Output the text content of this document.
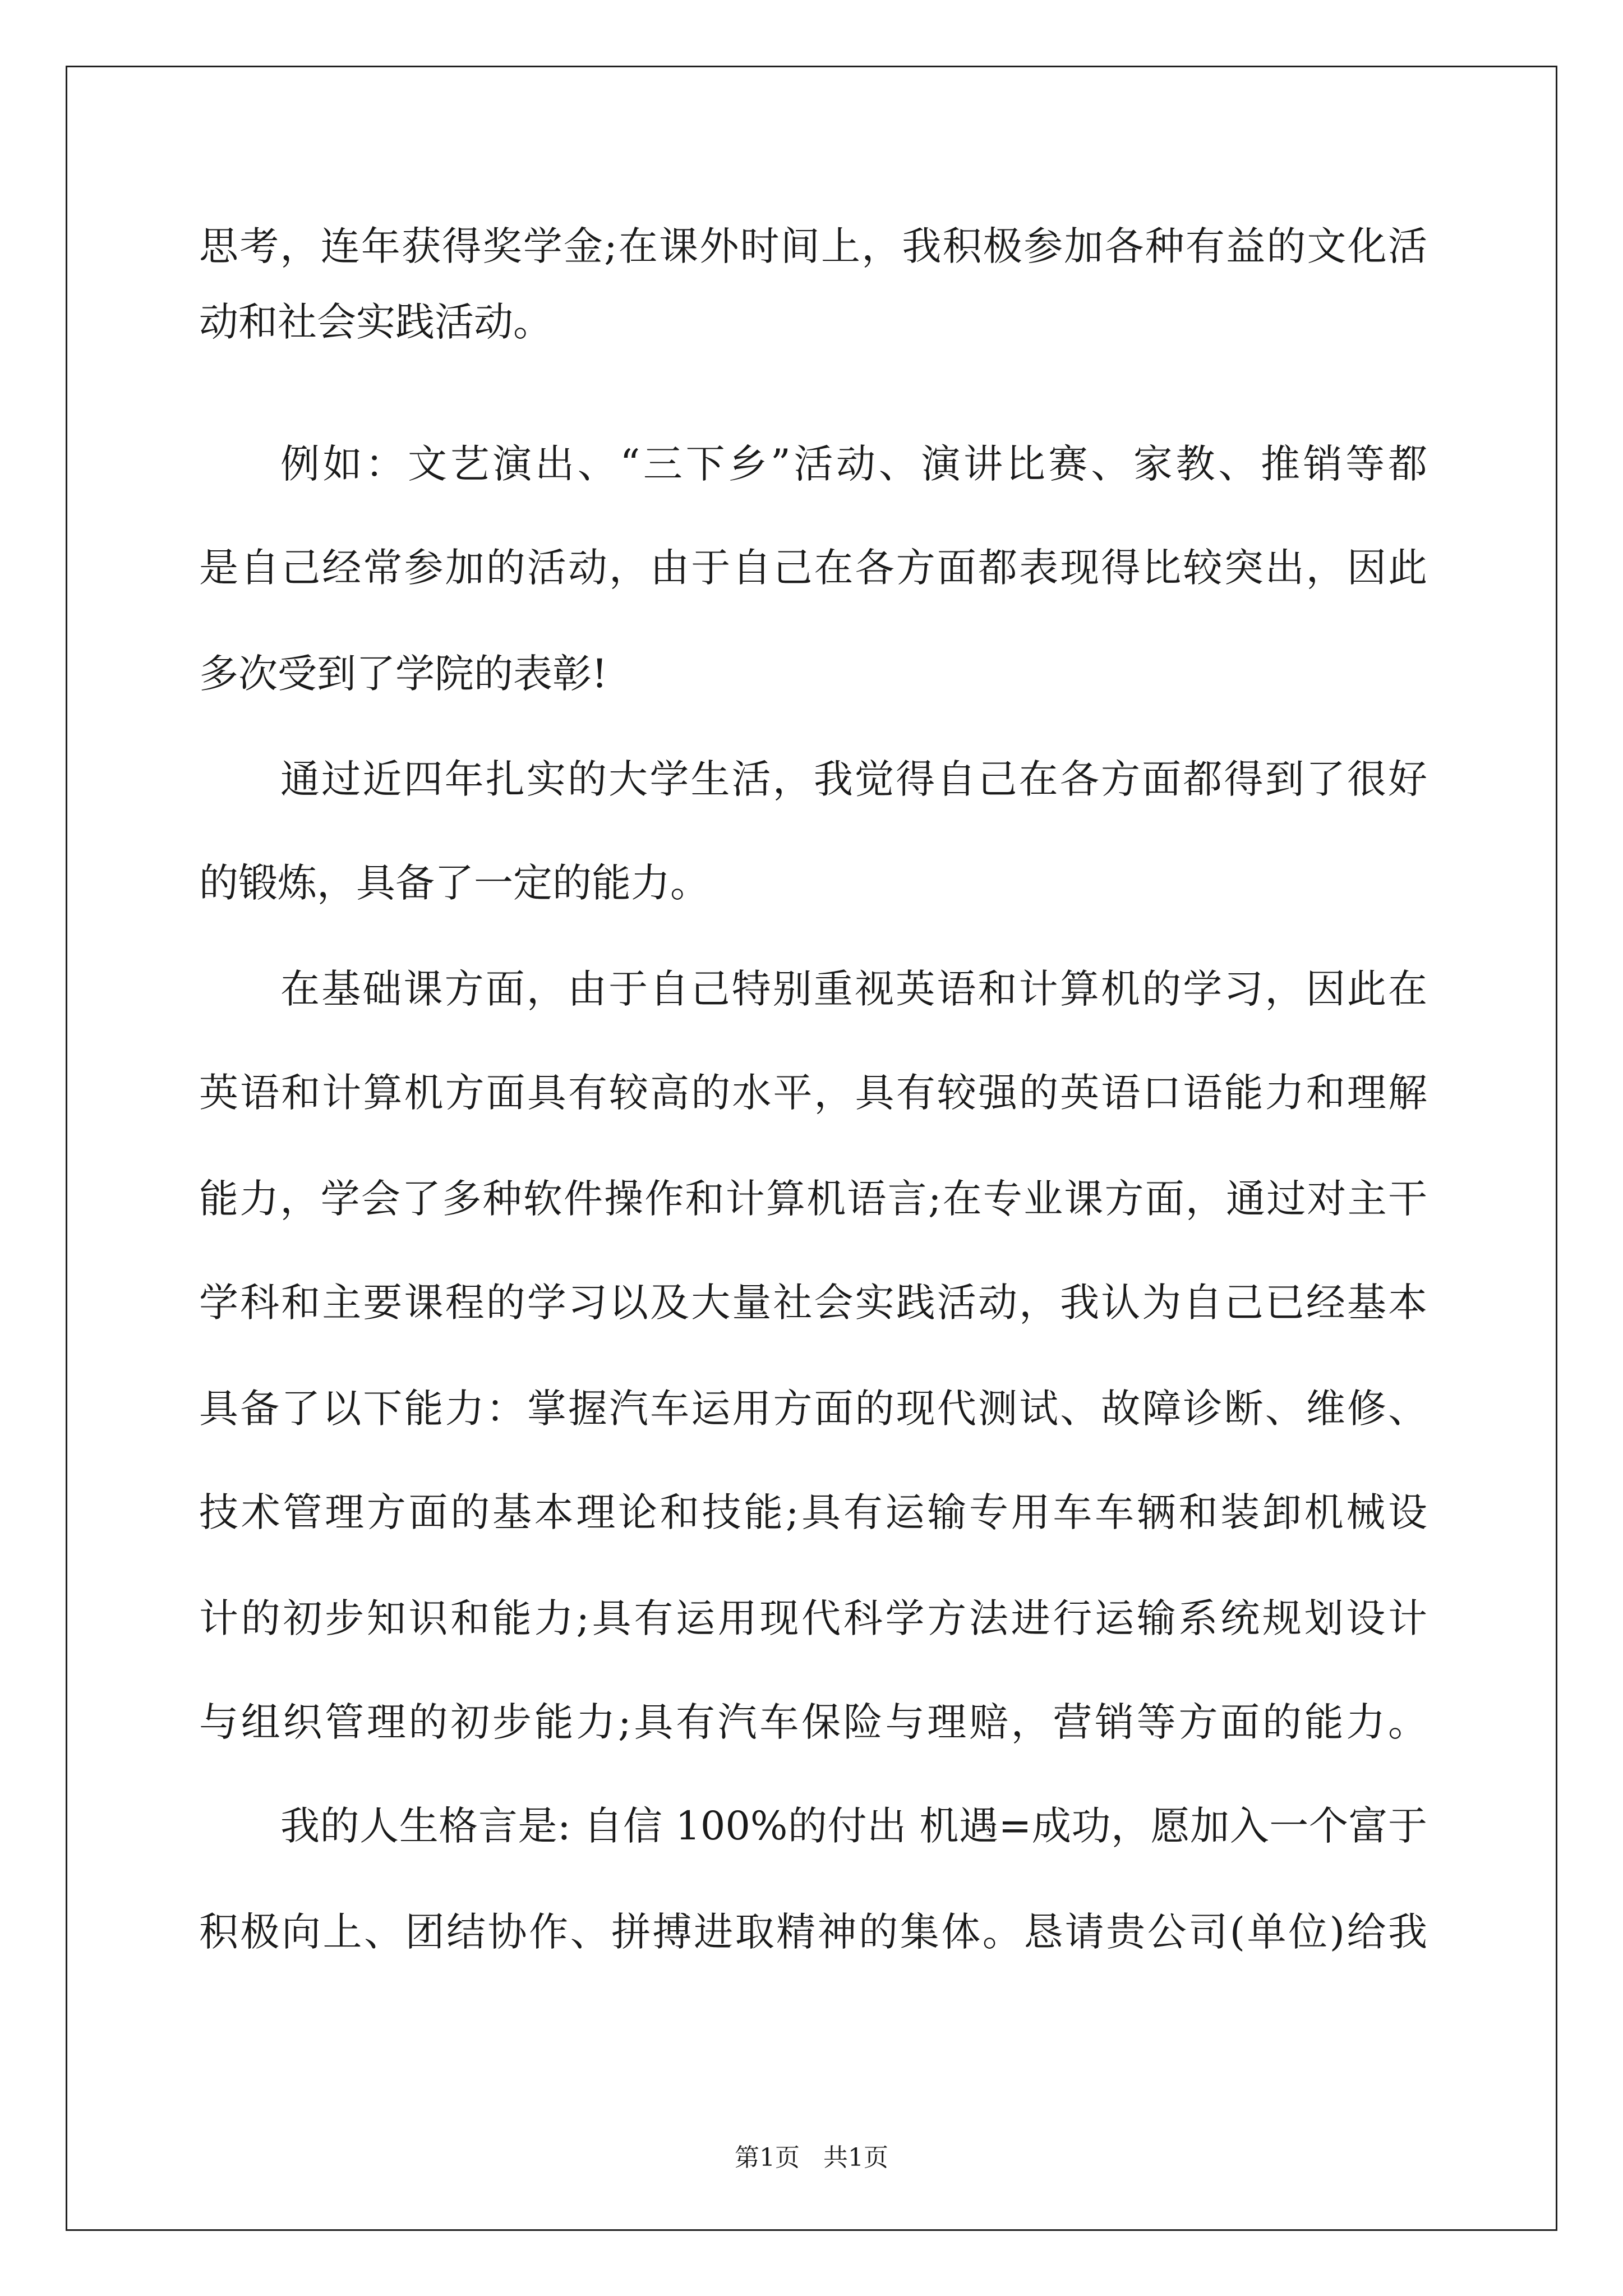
思考，连年获得奖学金;在课外时间上，我积极参加各种有益的文化活
动和社会实践活动。
例如：文艺演出、“三下乡”活动、演讲比赛、家教、推销等都
是自己经常参加的活动，由于自己在各方面都表现得比较突出，因此
多次受到了学院的表彰!
通过近四年扎实的大学生活，我觉得自己在各方面都得到了很好
的锻炼，具备了一定的能力。
在基础课方面，由于自己特别重视英语和计算机的学习，因此在
英语和计算机方面具有较高的水平，具有较强的英语口语能力和理解
能力，学会了多种软件操作和计算机语言;在专业课方面，通过对主干
学科和主要课程的学习以及大量社会实践活动，我认为自己已经基本
具备了以下能力：掌握汽车运用方面的现代测试、故障诊断、维修、
技术管理方面的基本理论和技能;具有运输专用车车辆和装卸机械设
计的初步知识和能力;具有运用现代科学方法进行运输系统规划设计
与组织管理的初步能力;具有汽车保险与理赔，营销等方面的能力。
我的人生格言是: 自信 100%的付出 机遇=成功，愿加入一个富于
积极向上、团结协作、拼搏进取精神的集体。恳请贵公司(单位)给我
第1页   共1页
